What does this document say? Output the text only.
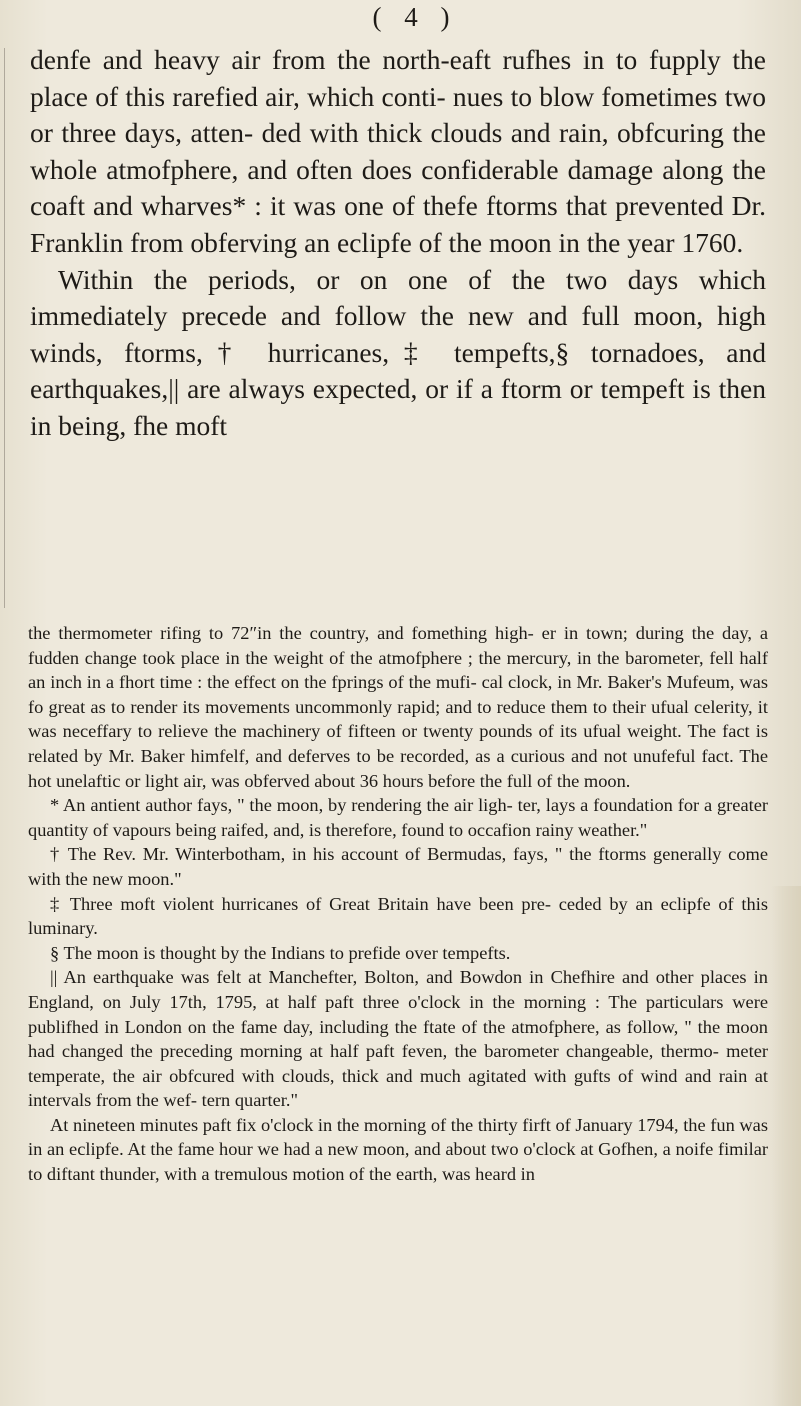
( 4 )

denfe and heavy air from the north-eaft rufhes in to fupply the place of this rarefied air, which conti- nues to blow fometimes two or three days, atten- ded with thick clouds and rain, obfcuring the whole atmofphere, and often does confiderable damage along the coaft and wharves* : it was one of thefe ftorms that prevented Dr. Franklin from obferving an eclipfe of the moon in the year 1760.

Within the periods, or on one of the two days which immediately precede and follow the new and full moon, high winds, ftorms,† hurricanes,‡ tempefts,§ tornadoes, and earthquakes,|| are always expected, or if a ftorm or tempeft is then in being, fhe moft

the thermometer rifing to 72″in the country, and fomething high- er in town; during the day, a fudden change took place in the weight of the atmofphere ; the mercury, in the barometer, fell half an inch in a fhort time : the effect on the fprings of the mufi- cal clock, in Mr. Baker's Mufeum, was fo great as to render its movements uncommonly rapid; and to reduce them to their ufual celerity, it was neceffary to relieve the machinery of fifteen or twenty pounds of its ufual weight. The fact is related by Mr. Baker himfelf, and deferves to be recorded, as a curious and not unufeful fact. The hot unelaftic or light air, was obferved about 36 hours before the full of the moon.

* An antient author fays, " the moon, by rendering the air ligh- ter, lays a foundation for a greater quantity of vapours being raifed, and, is therefore, found to occafion rainy weather."

† The Rev. Mr. Winterbotham, in his account of Bermudas, fays, " the ftorms generally come with the new moon."

‡ Three moft violent hurricanes of Great Britain have been pre- ceded by an eclipfe of this luminary.

§ The moon is thought by the Indians to prefide over tempefts.

|| An earthquake was felt at Manchefter, Bolton, and Bowdon in Chefhire and other places in England, on July 17th, 1795, at half paft three o'clock in the morning : The particulars were publifhed in London on the fame day, including the ftate of the atmofphere, as follow, " the moon had changed the preceding morning at half paft feven, the barometer changeable, thermo- meter temperate, the air obfcured with clouds, thick and much agitated with gufts of wind and rain at intervals from the wef- tern quarter."

At nineteen minutes paft fix o'clock in the morning of the thirty firft of January 1794, the fun was in an eclipfe. At the fame hour we had a new moon, and about two o'clock at Gofhen, a noife fimilar to diftant thunder, with a tremulous motion of the earth, was heard in
